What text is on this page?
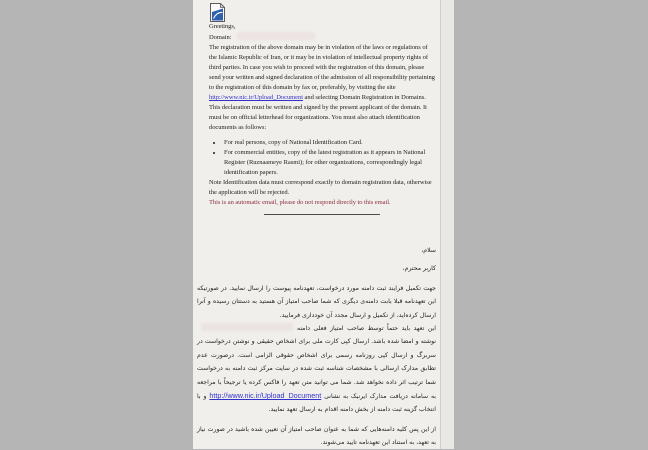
Greetings,

Domain:

The registration of the above domain may be in violation of the laws or regulations of the Islamic Republic of Iran, or it may be in violation of intellectual property rights of third parties. In case you wish to proceed with the registration of this domain, please send your written and signed declaration of the admission of all responsibility pertaining to the registration of this domain by fax or, preferably, by visiting the site http://www.nic.ir/Upload_Document and selecting Domain Registration in Domains.

This declaration must be written and signed by the present applicant of the domain. It must be on official letterhead for organizations. You must also attach identification documents as follows:

• For real persons, copy of National Identification Card.
• For commercial entities, copy of the latest registration as it appears in National Register (Ruznaameye Rasmi); for other organizations, correspondingly legal identification papers.

Note Identification data must correspond exactly to domain registration data, otherwise the application will be rejected.

This is an automatic email, please do not respond directly to this email.

سلام،

کاربر محترم،

جهت تکمیل فرایند ثبت دامنه مورد درخواست، تعهدنامه پیوست را ارسال نمایید. در صورتیکه این تعهدنامه قبلا بابت دامنه‌ی دیگری که شما صاحب امتیاز آن هستید به دستتان رسیده و آنرا ارسال کرده‌اید، از تکمیل و ارسال مجدد آن خودداری فرمایید.

این تعهد باید حتماً توسط صاحب امتیاز فعلی دامنهنوشته و امضا شده باشد. ارسال کپی کارت ملی برای اشخاص حقیقی و نوشتن درخواست در سربرگ و ارسال کپی روزنامه رسمی برای اشخاص حقوقی الزامی است. درصورت عدم تطابق مدارک ارسالی با مشخصات شناسه ثبت شده در سایت مرکز ثبت دامنه به درخواست شما ترتیب اثر داده نخواهد شد. شما می توانید متن تعهد را فاکس کرده یا ترجیحاً با مراجعه به سامانه دریافت مدارک ایرنیک به نشانی http://www.nic.ir/Upload_Document و با انتخاب گزینه ثبت دامنه از بخش دامنه اقدام به ارسال تعهد نمایید.

از این پس کلیه دامنه‌هایی که شما به عنوان صاحب امتیاز آن تعیین شده باشید در صورت نیاز به تعهد، به استناد این تعهدنامه تایید می‌شوند.
